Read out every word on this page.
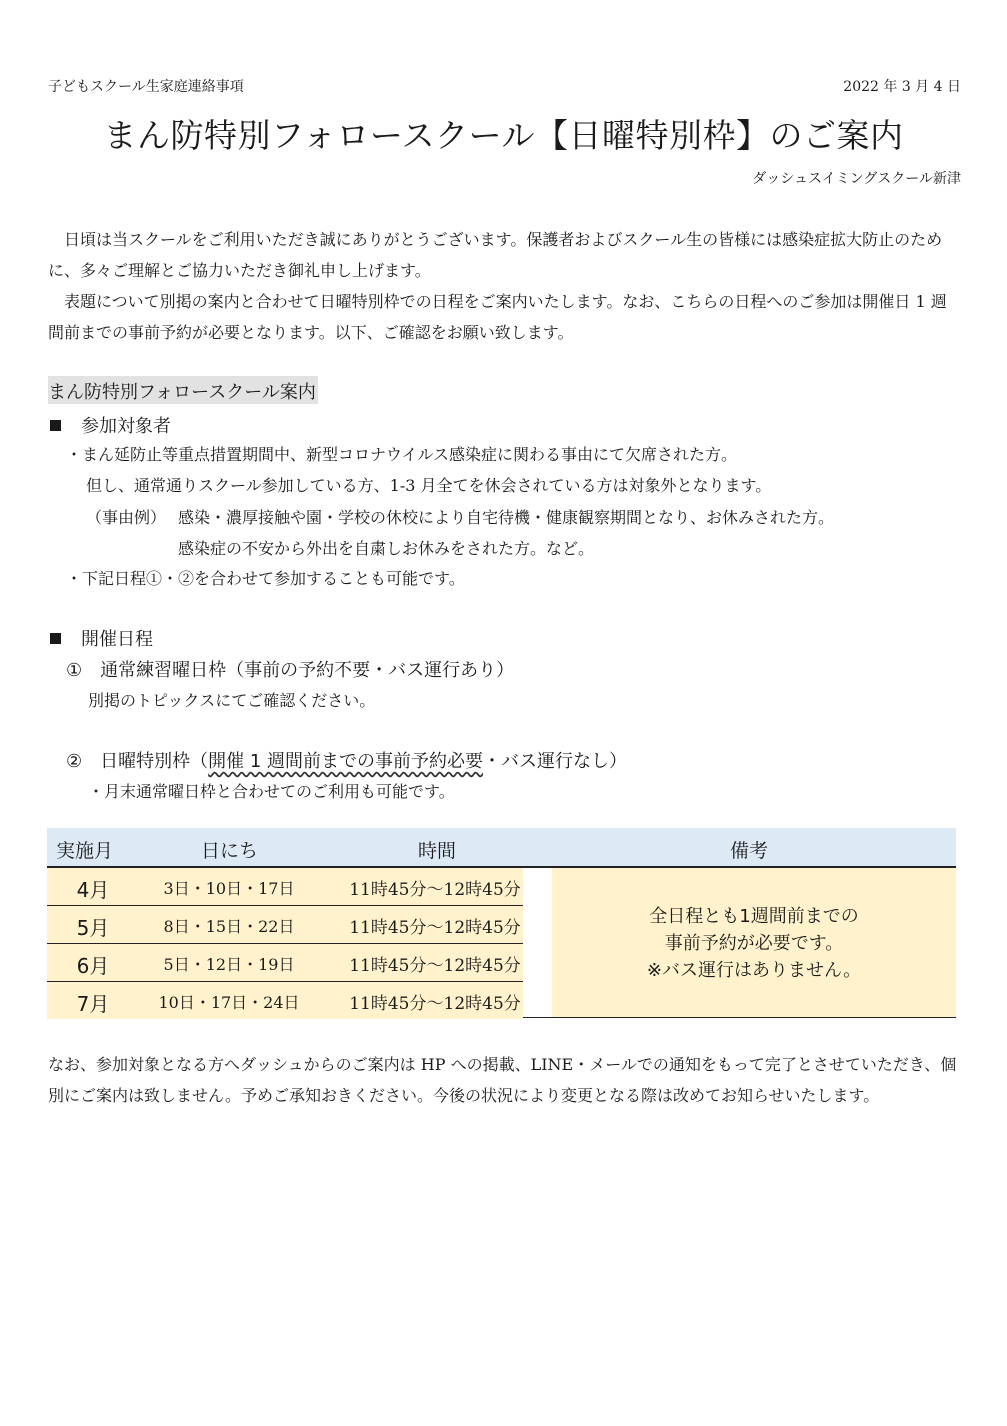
子どもスクール生家庭連絡事項	2022 年 3 月 4 日
まん防特別フォロースクール【日曜特別枠】のご案内
ダッシュスイミングスクール新津
日頃は当スクールをご利用いただき誠にありがとうございます。保護者およびスクール生の皆様には感染症拡大防止のために、多々ご理解とご協力いただき御礼申し上げます。
表題について別掲の案内と合わせて日曜特別枠での日程をご案内いたします。なお、こちらの日程へのご参加は開催日 1 週間前までの事前予約が必要となります。以下、ご確認をお願い致します。
まん防特別フォロースクール案内
参加対象者
・まん延防止等重点措置期間中、新型コロナウイルス感染症に関わる事由にて欠席された方。
但し、通常通りスクール参加している方、1-3 月全てを休会されている方は対象外となります。
（事由例） 感染・濃厚接触や園・学校の休校により自宅待機・健康観察期間となり、お休みされた方。
感染症の不安から外出を自粛しお休みをされた方。など。
・下記日程①・②を合わせて参加することも可能です。
開催日程
①　通常練習曜日枠（事前の予約不要・バス運行あり）
別掲のトピックスにてご確認ください。
②　日曜特別枠（開催 1 週間前までの事前予約必要・バス運行なし）
・月末通常曜日枠と合わせてのご利用も可能です。
実施月	日にち	時間	備考
4月	3日・10日・17日	11時45分～12時45分
5月	8日・15日・22日	11時45分～12時45分
6月	5日・12日・19日	11時45分～12時45分
7月	10日・17日・24日	11時45分～12時45分
全日程とも1週間前までの
事前予約が必要です。
※バス運行はありません。
なお、参加対象となる方へダッシュからのご案内は HP への掲載、LINE・メールでの通知をもって完了とさせていただき、個別にご案内は致しません。予めご承知おきください。今後の状況により変更となる際は改めてお知らせいたします。
